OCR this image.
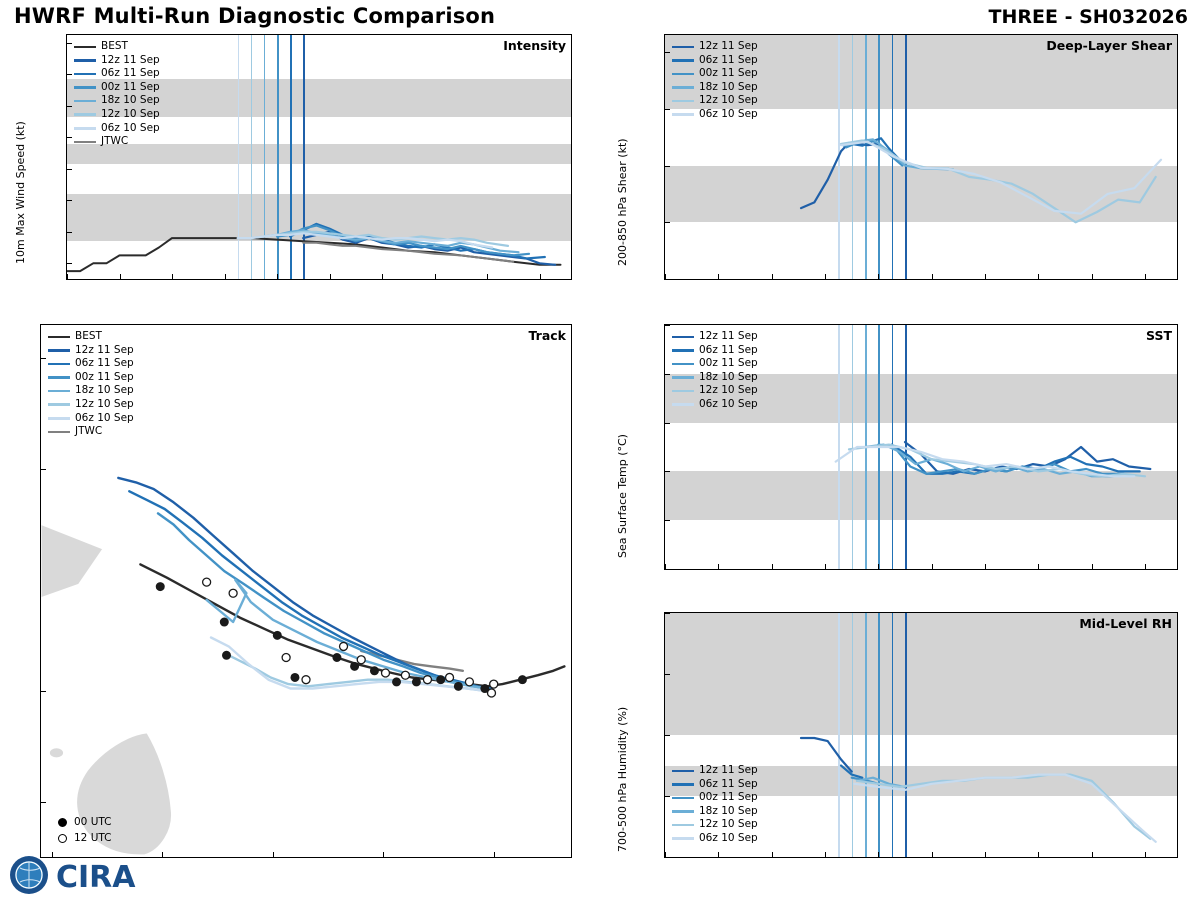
HWRF Multi-Run Diagnostic Comparison	THREE - SH032026
Intensity
10m Max Wind Speed (kt)
BEST
12z 11 Sep
06z 11 Sep
00z 11 Sep
18z 10 Sep
12z 10 Sep
06z 10 Sep
JTWC
Track
BEST
12z 11 Sep
06z 11 Sep
00z 11 Sep
18z 10 Sep
12z 10 Sep
06z 10 Sep
JTWC
00 UTC
12 UTC
Deep-Layer Shear
200-850 hPa Shear (kt)
12z 11 Sep
06z 11 Sep
00z 11 Sep
18z 10 Sep
12z 10 Sep
06z 10 Sep
SST
Sea Surface Temp (°C)
12z 11 Sep
06z 11 Sep
00z 11 Sep
18z 10 Sep
12z 10 Sep
06z 10 Sep
Mid-Level RH
700-500 hPa Humidity (%)	12z 11 Sep
06z 11 Sep
00z 11 Sep
18z 10 Sep
12z 10 Sep
06z 10 Sep
CIRA
